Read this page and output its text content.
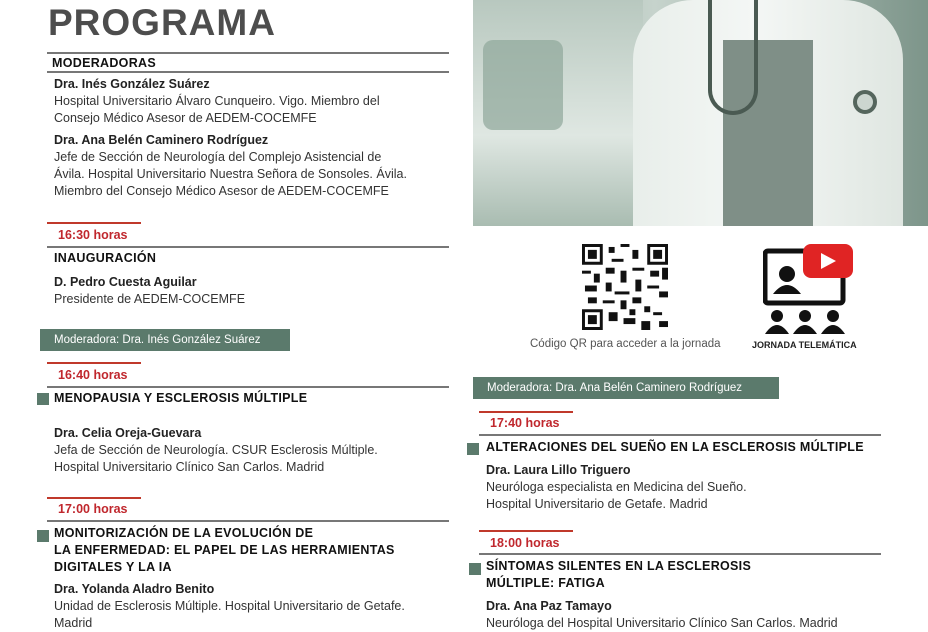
PROGRAMA
MODERADORAS
Dra. Inés González Suárez
Hospital Universitario Álvaro Cunqueiro. Vigo. Miembro del
Consejo Médico Asesor de AEDEM-COCEMFE
Dra. Ana Belén Caminero Rodríguez
Jefe de Sección de Neurología del Complejo Asistencial de
Ávila. Hospital Universitario Nuestra Señora de Sonsoles. Ávila.
Miembro del Consejo Médico Asesor de AEDEM-COCEMFE
16:30 horas
INAUGURACIÓN
D. Pedro Cuesta Aguilar
Presidente de AEDEM-COCEMFE
Moderadora: Dra. Inés González Suárez
16:40 horas
MENOPAUSIA Y ESCLEROSIS MÚLTIPLE
Dra. Celia Oreja-Guevara
Jefa de Sección de Neurología. CSUR Esclerosis Múltiple.
Hospital Universitario Clínico San Carlos. Madrid
17:00 horas
MONITORIZACIÓN DE LA EVOLUCIÓN DE
LA ENFERMEDAD: EL PAPEL DE LAS HERRAMIENTAS
DIGITALES Y LA IA
Dra. Yolanda Aladro Benito
Unidad de Esclerosis Múltiple. Hospital Universitario de Getafe.
Madrid
Código QR para acceder a la jornada	JORNADA TELEMÁTICA
Moderadora: Dra. Ana Belén Caminero Rodríguez
17:40 horas
ALTERACIONES DEL SUEÑO EN LA ESCLEROSIS MÚLTIPLE
Dra. Laura Lillo Triguero
Neuróloga especialista en Medicina del Sueño.
Hospital Universitario de Getafe. Madrid
18:00 horas
SÍNTOMAS SILENTES EN LA ESCLEROSIS
MÚLTIPLE: FATIGA
Dra. Ana Paz Tamayo
Neuróloga del Hospital Universitario Clínico San Carlos. Madrid
